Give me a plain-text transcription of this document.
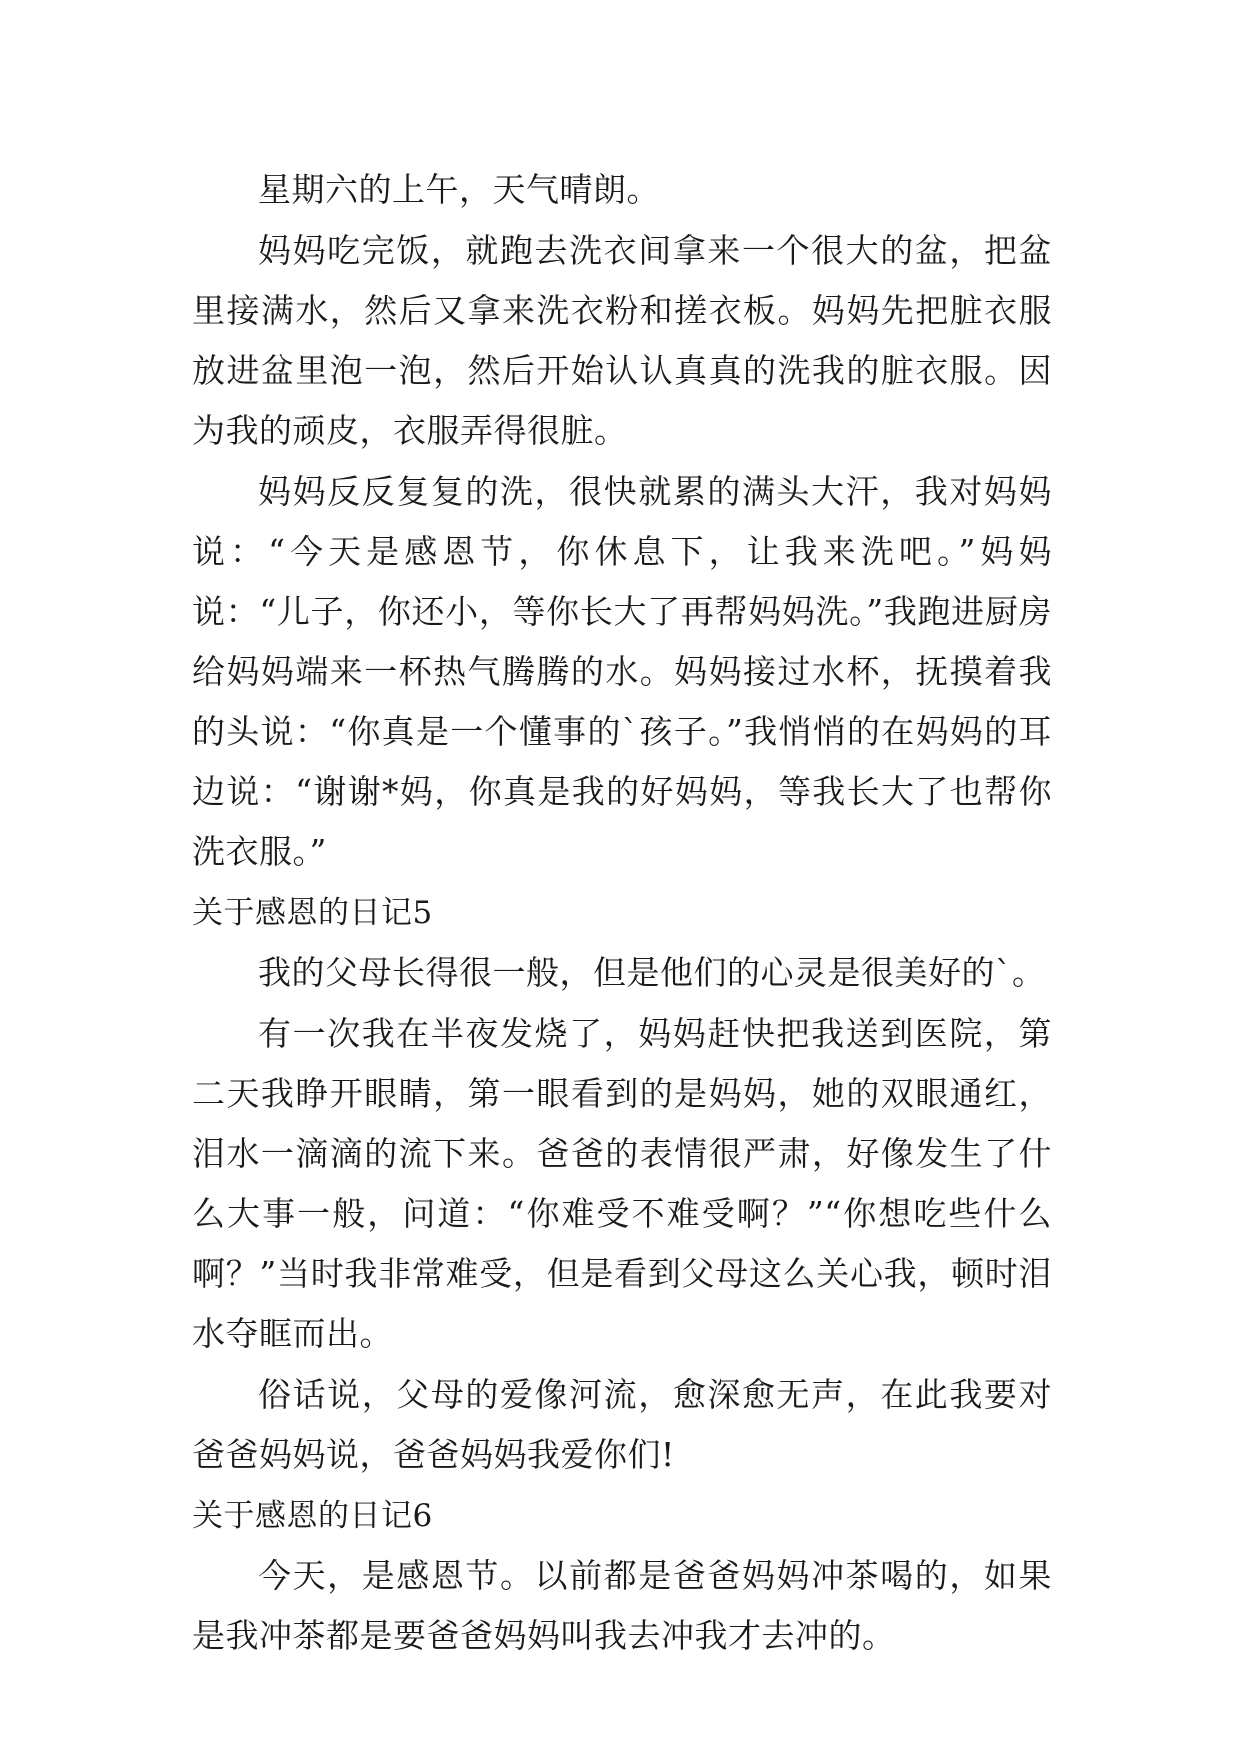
星期六的上午，天气晴朗。

妈妈吃完饭，就跑去洗衣间拿来一个很大的盆，把盆里接满水，然后又拿来洗衣粉和搓衣板。妈妈先把脏衣服放进盆里泡一泡，然后开始认认真真的洗我的脏衣服。因为我的顽皮，衣服弄得很脏。

妈妈反反复复的洗，很快就累的满头大汗，我对妈妈说：“今天是感恩节，你休息下，让我来洗吧。”妈妈说：“儿子，你还小，等你长大了再帮妈妈洗。”我跑进厨房给妈妈端来一杯热气腾腾的水。妈妈接过水杯，抚摸着我的头说：“你真是一个懂事的`孩子。”我悄悄的在妈妈的耳边说：“谢谢*妈，你真是我的好妈妈，等我长大了也帮你洗衣服。”

关于感恩的日记5

我的父母长得很一般，但是他们的心灵是很美好的`。

有一次我在半夜发烧了，妈妈赶快把我送到医院，第二天我睁开眼睛，第一眼看到的是妈妈，她的双眼通红，泪水一滴滴的流下来。爸爸的表情很严肃，好像发生了什么大事一般，问道：“你难受不难受啊？”“你想吃些什么啊？”当时我非常难受，但是看到父母这么关心我，顿时泪水夺眶而出。

俗话说，父母的爱像河流，愈深愈无声，在此我要对爸爸妈妈说，爸爸妈妈我爱你们!

关于感恩的日记6

今天，是感恩节。以前都是爸爸妈妈冲茶喝的，如果是我冲茶都是要爸爸妈妈叫我去冲我才去冲的。
